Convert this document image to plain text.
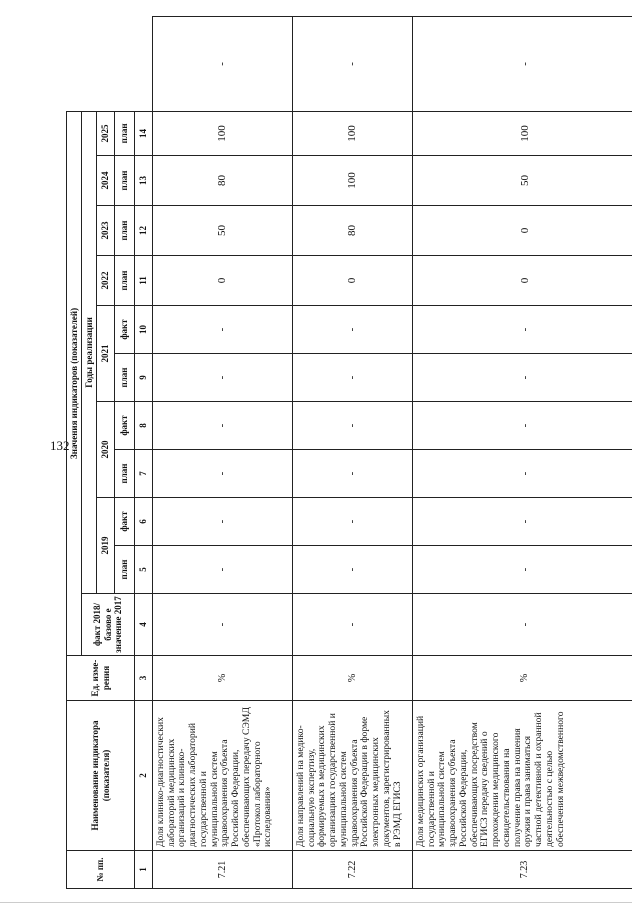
132
№ пп.	Наименование индикатора (показателя)	Ед. изме-рения	Значения индикаторов (показателей)											
			факт 2018/базово е значение 2017	Годы реализации										
				2019		2020		2021		2022	2023	2024	2025	
				план	факт	план	факт	план	факт	план	план	план	план	
1	2	3	4	5	6	7	8	9	10	11	12	13	14	
7.21	Доля клинико-диагностических лабораторий медицинских организаций и клинико-диагностических лабораторий государственной и муниципальной систем здравоохранения субъекта Российской Федерации, обеспечивающих передачу СЭМД «Протокол лабораторного исследования»	%	-	-	-	-	-	-	-	0	50	80	100	-
7.22	Доля направлений на медико-социальную экспертизу, формируемых в медицинских организациях государственной и муниципальной систем здравоохранения субъекта Российской Федерации в форме электронных медицинских документов, зарегистрированных в РЭМД ЕГИСЗ	%	-	-	-	-	-	-	-	0	80	100	100	-
7.23	Доля медицинских организаций государственной и муниципальной систем здравоохранения субъекта Российской Федерации, обеспечивающих посредством ЕГИСЗ передачу сведений о прохождении медицинского освидетельствования на получение права на ношения оружия и права заниматься частной детективной и охранной деятельностью с целью обеспечения межведомственного	%	-	-	-	-	-	-	-	0	0	50	100	-
